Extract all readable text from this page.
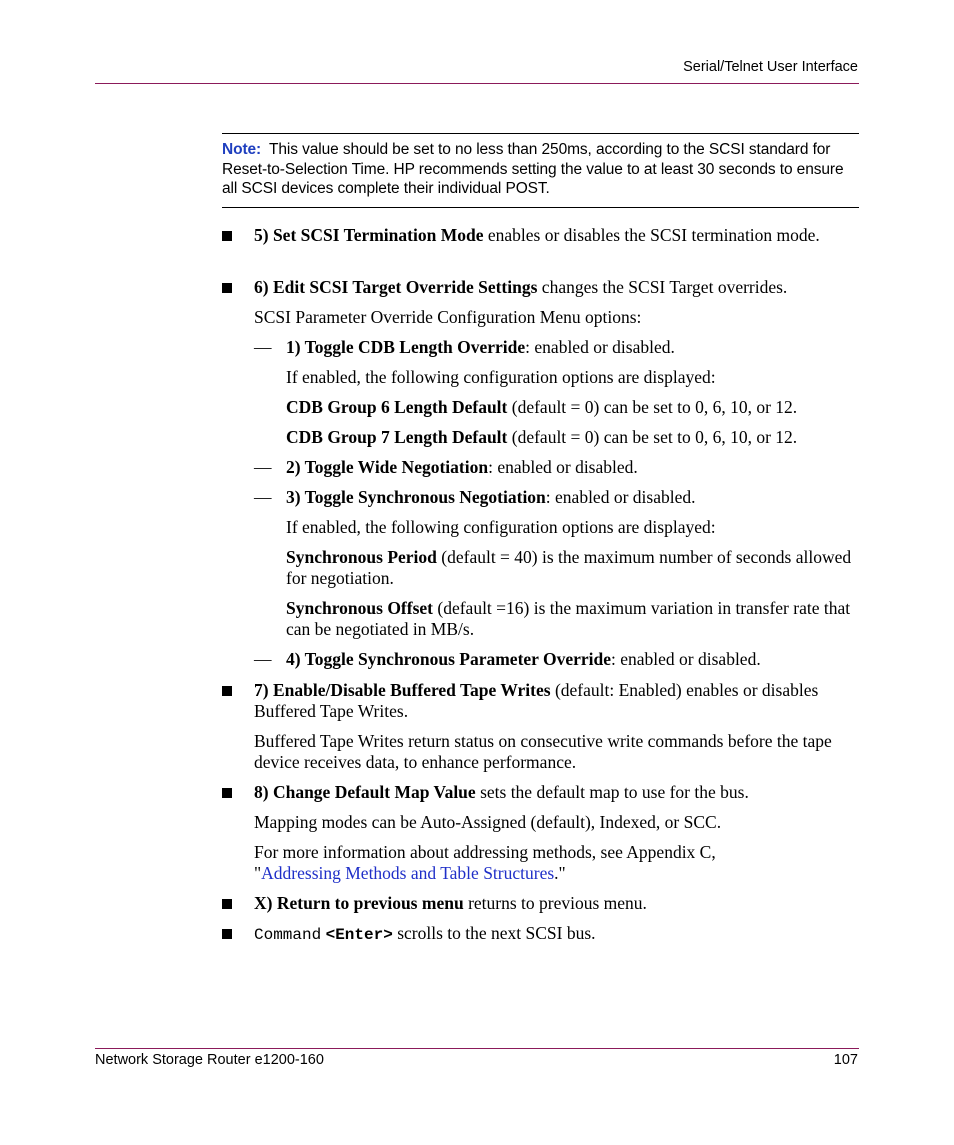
Serial/Telnet User Interface

Note: This value should be set to no less than 250ms, according to the SCSI standard for Reset-to-Selection Time. HP recommends setting the value to at least 30 seconds to ensure all SCSI devices complete their individual POST.

5) Set SCSI Termination Mode enables or disables the SCSI termination mode.
6) Edit SCSI Target Override Settings changes the SCSI Target overrides.
SCSI Parameter Override Configuration Menu options:
— 1) Toggle CDB Length Override: enabled or disabled.
If enabled, the following configuration options are displayed:
CDB Group 6 Length Default (default = 0) can be set to 0, 6, 10, or 12.
CDB Group 7 Length Default (default = 0) can be set to 0, 6, 10, or 12.
— 2) Toggle Wide Negotiation: enabled or disabled.
— 3) Toggle Synchronous Negotiation: enabled or disabled.
If enabled, the following configuration options are displayed:
Synchronous Period (default = 40) is the maximum number of seconds allowed for negotiation.
Synchronous Offset (default =16) is the maximum variation in transfer rate that can be negotiated in MB/s.
— 4) Toggle Synchronous Parameter Override: enabled or disabled.
7) Enable/Disable Buffered Tape Writes (default: Enabled) enables or disables Buffered Tape Writes.
Buffered Tape Writes return status on consecutive write commands before the tape device receives data, to enhance performance.
8) Change Default Map Value sets the default map to use for the bus.
Mapping modes can be Auto-Assigned (default), Indexed, or SCC.
For more information about addressing methods, see Appendix C, "Addressing Methods and Table Structures."
X) Return to previous menu returns to previous menu.
Command <Enter> scrolls to the next SCSI bus.
Network Storage Router e1200-160	107
